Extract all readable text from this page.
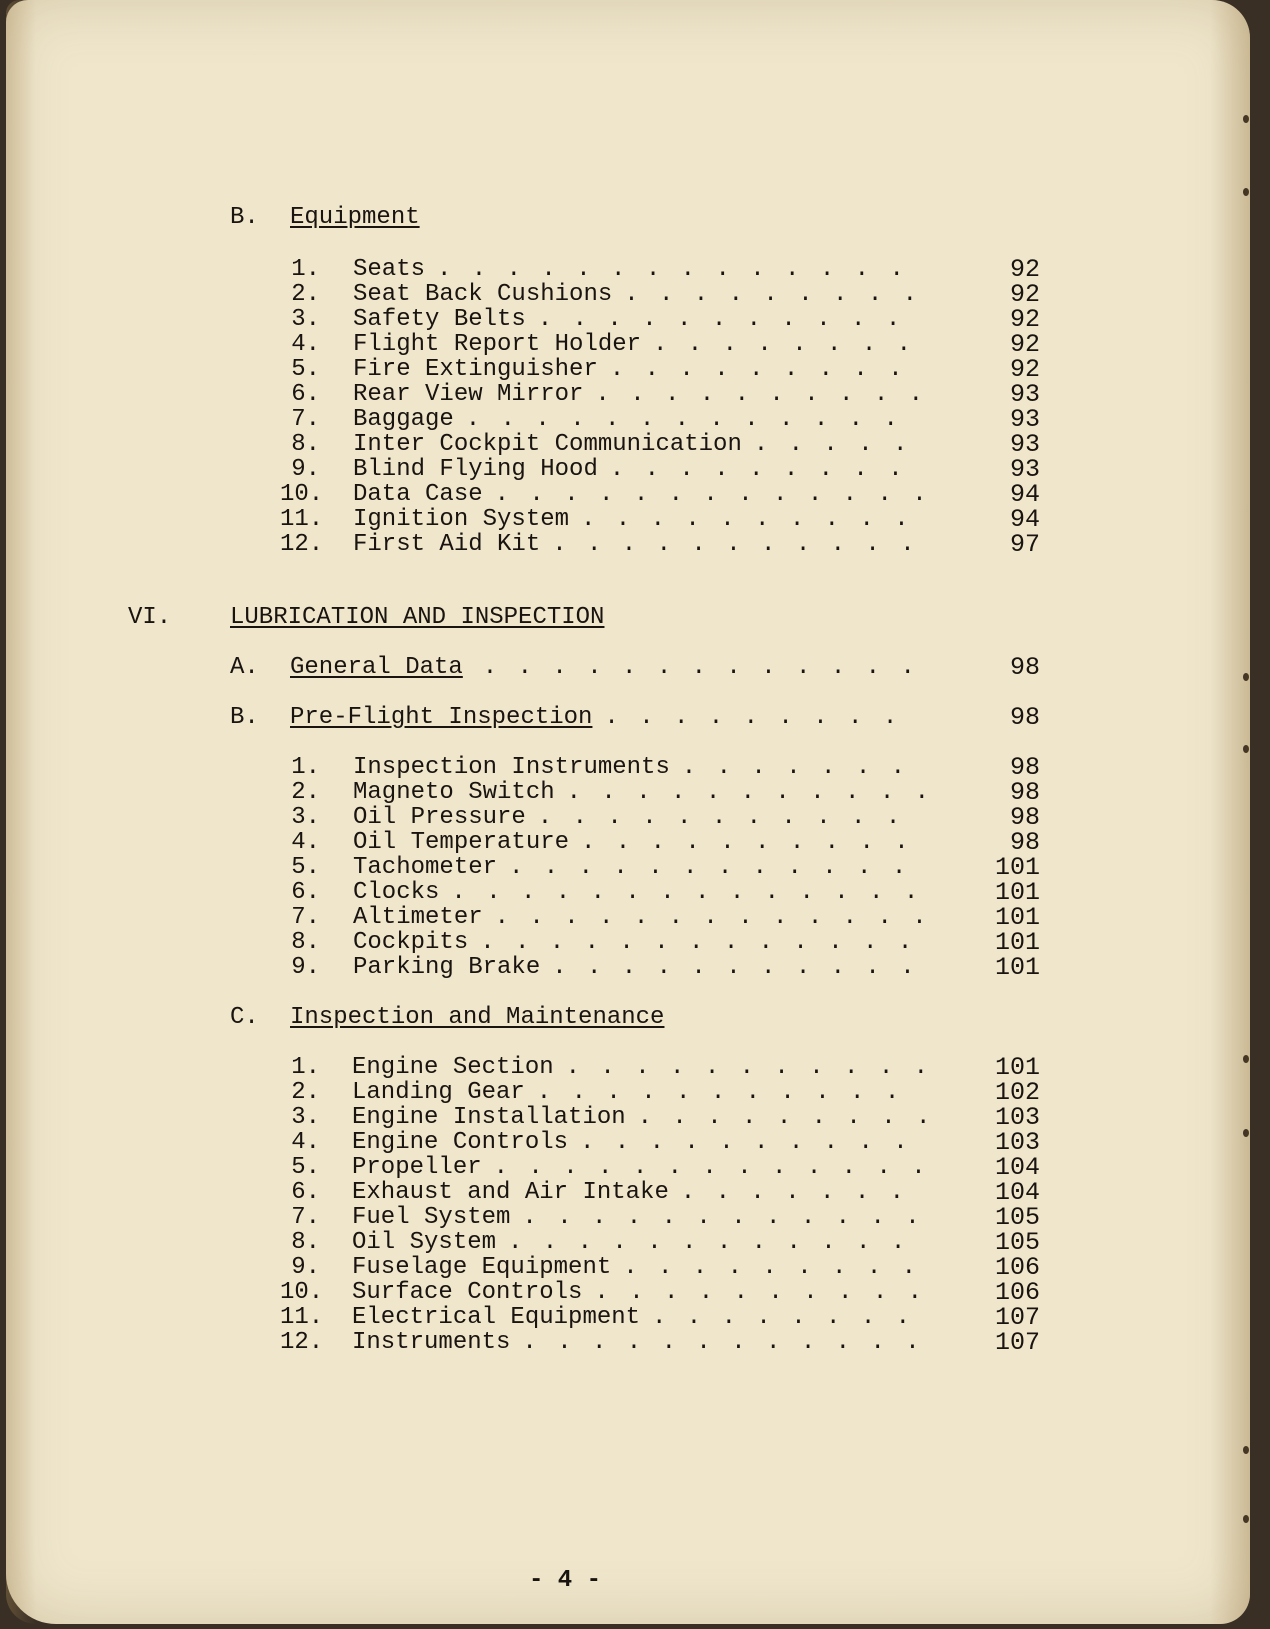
B. Equipment
1. Seats	92
. . . . . . . . . . . . . .
2. Seat Back Cushions	92
. . . . . . . . .
3. Safety Belts	92
. . . . . . . . . . .
4. Flight Report Holder	92
. . . . . . . .
5. Fire Extinguisher	92
. . . . . . . . .
6. Rear View Mirror	93
. . . . . . . . . .
7. Baggage	93
. . . . . . . . . . . . .
8. Inter Cockpit Communication	93
. . . . .
9. Blind Flying Hood	93
. . . . . . . . .
10. Data Case	94
. . . . . . . . . . . . .
11. Ignition System	94
. . . . . . . . . .
12. First Aid Kit	97
. . . . . . . . . . .
VI. LUBRICATION AND INSPECTION
A. General Data	98
. . . . . . . . . . . . .
B. Pre-Flight Inspection	98
. . . . . . . . .
1. Inspection Instruments	98
. . . . . . .
2. Magneto Switch	98
. . . . . . . . . . .
3. Oil Pressure	98
. . . . . . . . . . .
4. Oil Temperature	98
. . . . . . . . . .
5. Tachometer	101
. . . . . . . . . . . .
6. Clocks	101
. . . . . . . . . . . . . .
7. Altimeter	101
. . . . . . . . . . . . .
8. Cockpits	101
. . . . . . . . . . . . .
9. Parking Brake	101
. . . . . . . . . . .
C. Inspection and Maintenance
1. Engine Section	101
. . . . . . . . . . .
2. Landing Gear	102
. . . . . . . . . . .
3. Engine Installation	103
. . . . . . . . .
4. Engine Controls	103
. . . . . . . . . .
5. Propeller	104
. . . . . . . . . . . . .
6. Exhaust and Air Intake	104
. . . . . . .
7. Fuel System	105
. . . . . . . . . . . .
8. Oil System	105
. . . . . . . . . . . .
9. Fuselage Equipment	106
. . . . . . . . .
10. Surface Controls	106
. . . . . . . . . .
11. Electrical Equipment	107
. . . . . . . .
12. Instruments	107
. . . . . . . . . . . .
- 4 -
